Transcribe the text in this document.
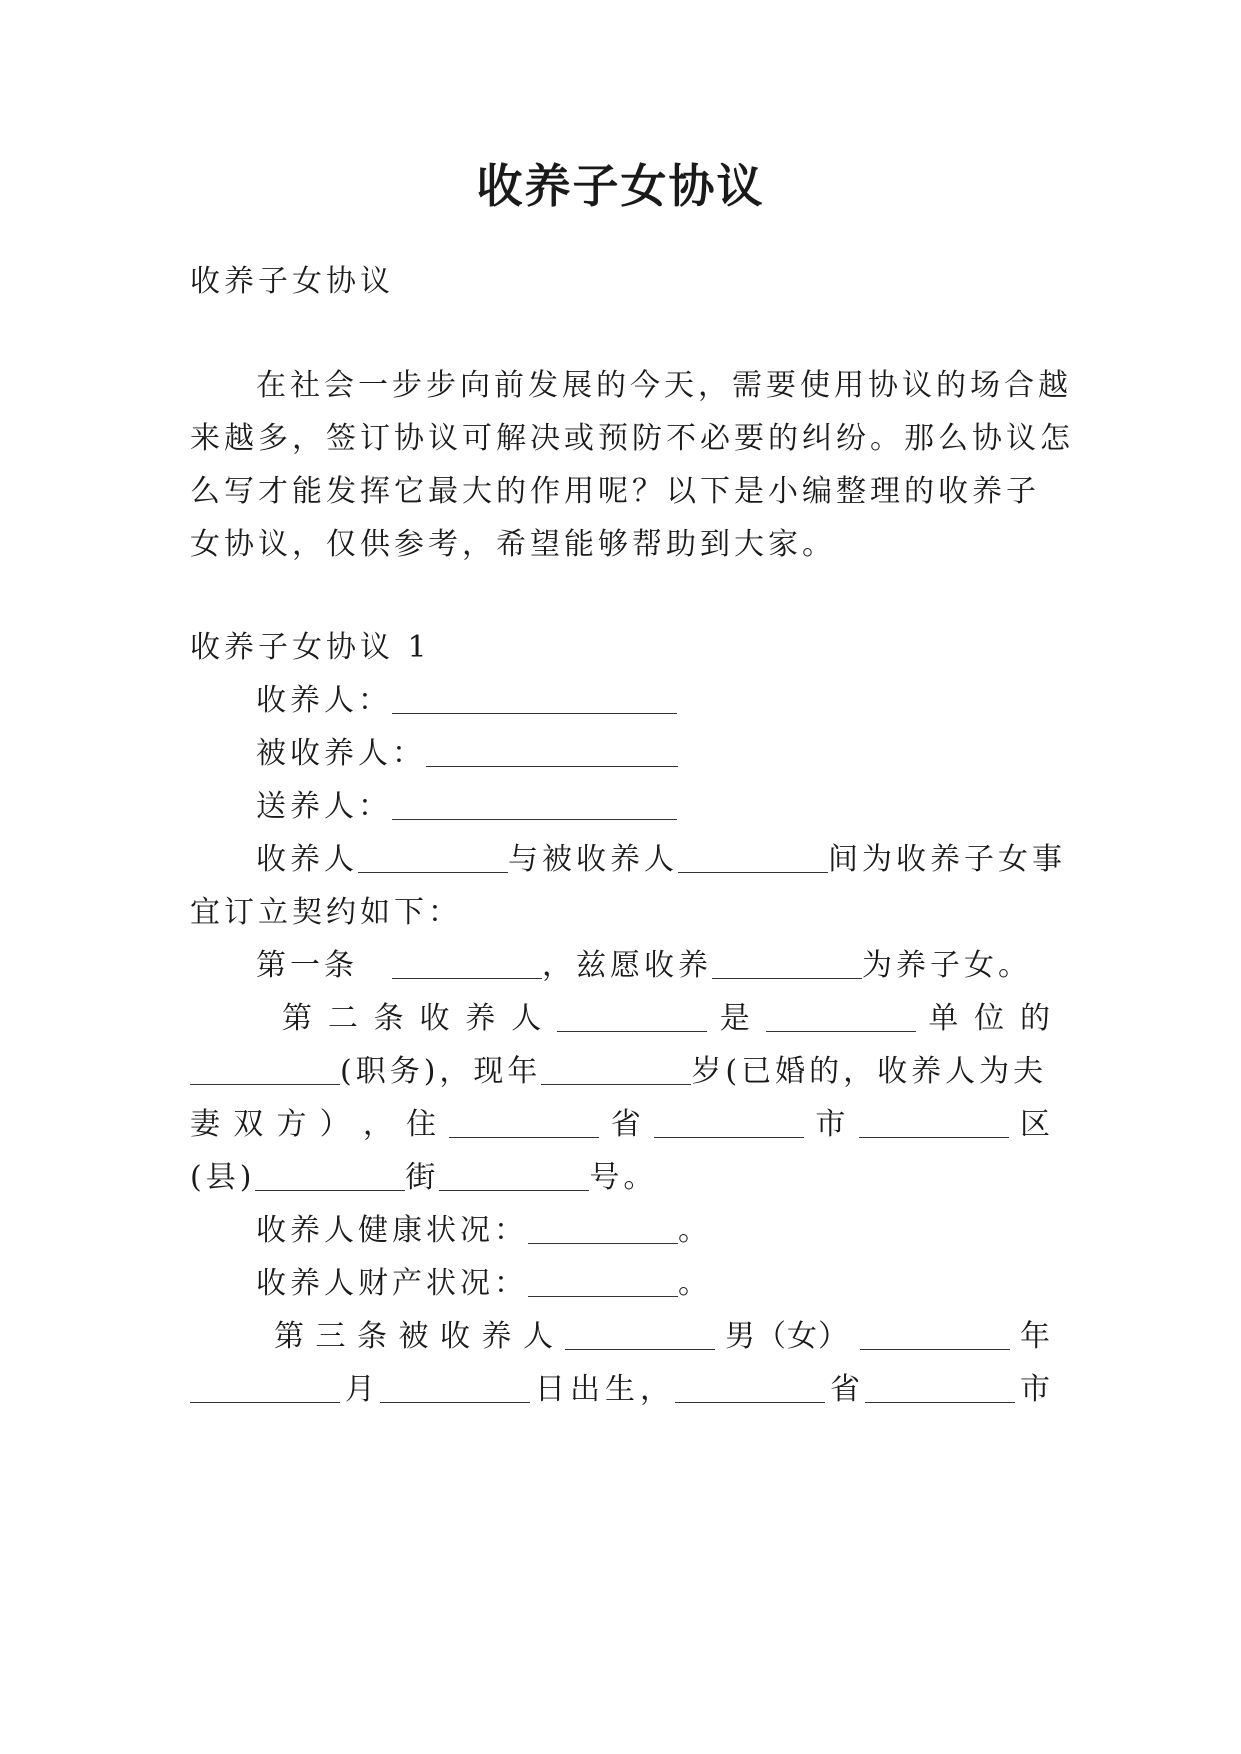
收养子女协议
收养子女协议
在社会一步步向前发展的今天，需要使用协议的场合越
来越多，签订协议可解决或预防不必要的纠纷。那么协议怎
么写才能发挥它最大的作用呢？以下是小编整理的收养子
女协议，仅供参考，希望能够帮助到大家。
收养子女协议 1
收养人：
被收养人：
送养人：
收养人	与被收养人	间为收养子女事
宜订立契约如下：
第一条　	，兹愿收养	为养子女。
第 二 条 收 养 人	是	单 位 的
(职务)，现年	岁(已婚的，收养人为夫
妻 双 方 ） ， 住	省	市	区
(县)	街	号。
收养人健康状况：	。
收养人财产状况：	。
第 三 条 被 收 养 人	男（女）	年
月	日出生，	省	市
